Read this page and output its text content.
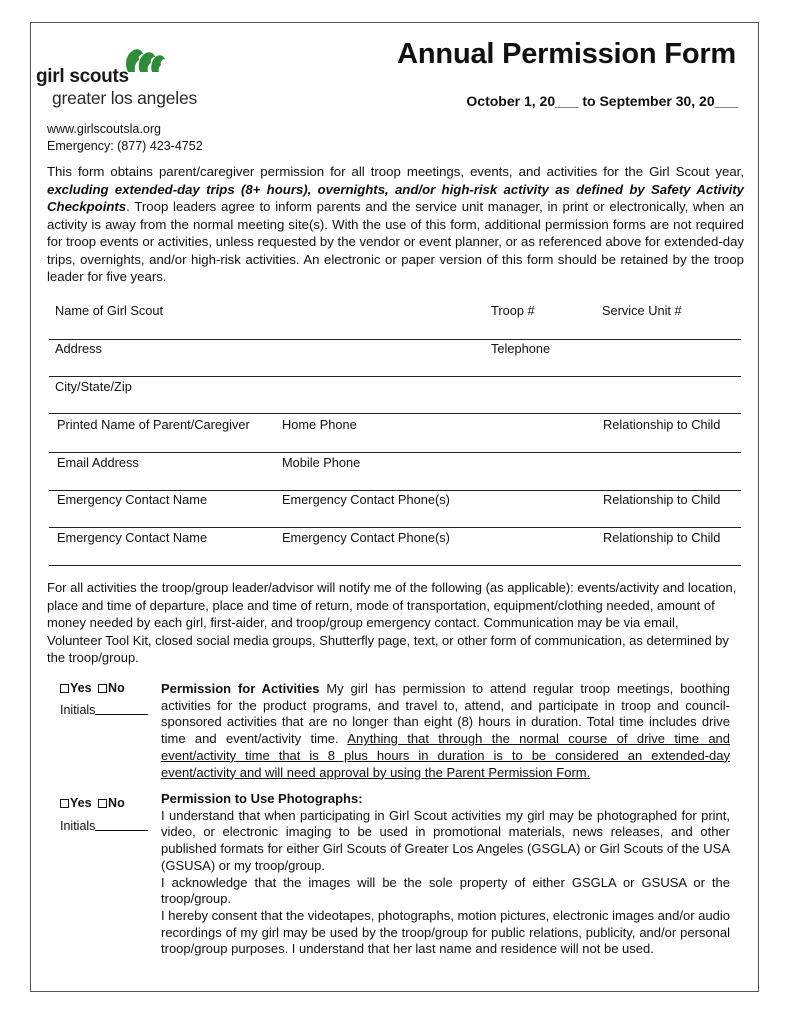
girl scouts
greater los angeles
Annual Permission Form
October 1, 20___ to September 30, 20___
www.girlscoutsla.org
Emergency: (877) 423-4752
This form obtains parent/caregiver permission for all troop meetings, events, and activities for the Girl Scout year, excluding extended-day trips (8+ hours), overnights, and/or high-risk activity as defined by Safety Activity Checkpoints. Troop leaders agree to inform parents and the service unit manager, in print or electronically, when an activity is away from the normal meeting site(s). With the use of this form, additional permission forms are not required for troop events or activities, unless requested by the vendor or event planner, or as referenced above for extended-day trips, overnights, and/or high-risk activities. An electronic or paper version of this form should be retained by the troop leader for five years.
Name of Girl Scout	Troop #	Service Unit #
Address	Telephone
City/State/Zip
Printed Name of Parent/Caregiver	Home Phone	Relationship to Child
Email Address	Mobile Phone
Emergency Contact Name	Emergency Contact Phone(s)	Relationship to Child
Emergency Contact Name	Emergency Contact Phone(s)	Relationship to Child
For all activities the troop/group leader/advisor will notify me of the following (as applicable): events/activity and location, place and time of departure, place and time of return, mode of transportation, equipment/clothing needed, amount of money needed by each girl, first-aider, and troop/group emergency contact. Communication may be via email, Volunteer Tool Kit, closed social media groups, Shutterfly page, text, or other form of communication, as determined by the troop/group.
Yes No
Initials
Permission for Activities My girl has permission to attend regular troop meetings, boothing activities for the product programs, and travel to, attend, and participate in troop and council-sponsored activities that are no longer than eight (8) hours in duration. Total time includes drive time and event/activity time. Anything that through the normal course of drive time and event/activity time that is 8 plus hours in duration is to be considered an extended-day event/activity and will need approval by using the Parent Permission Form.
Yes No
Initials
Permission to Use Photographs:
I understand that when participating in Girl Scout activities my girl may be photographed for print, video, or electronic imaging to be used in promotional materials, news releases, and other published formats for either Girl Scouts of Greater Los Angeles (GSGLA) or Girl Scouts of the USA (GSUSA) or my troop/group.
I acknowledge that the images will be the sole property of either GSGLA or GSUSA or the troop/group.
I hereby consent that the videotapes, photographs, motion pictures, electronic images and/or audio recordings of my girl may be used by the troop/group for public relations, publicity, and/or personal troop/group purposes. I understand that her last name and residence will not be used.
